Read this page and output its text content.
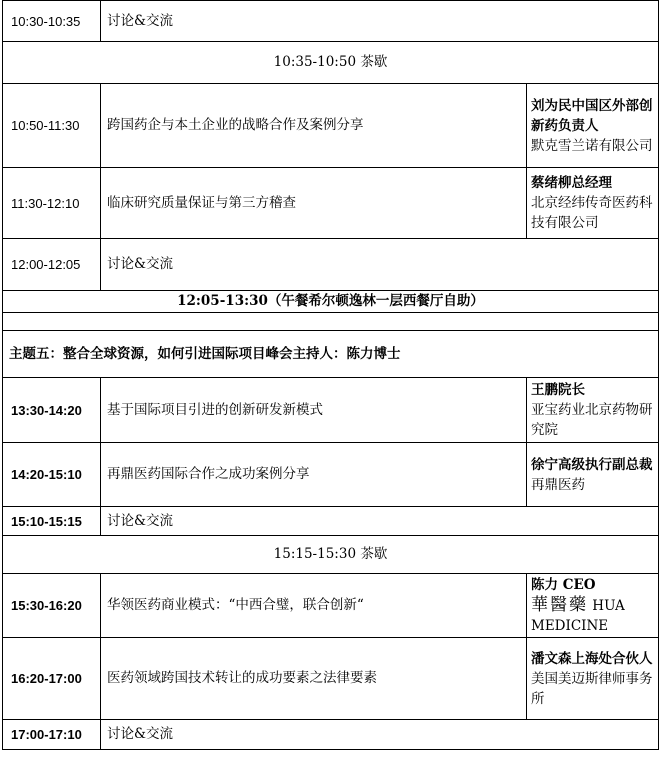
10:30-10:35	讨论&交流	
10:35-10:50 茶歇		
10:50-11:30	跨国药企与本土企业的战略合作及案例分享	刘为民中国区外部创新药负责人
默克雪兰诺有限公司

11:30-12:10	临床研究质量保证与第三方稽查	蔡绪柳总经理
北京经纬传奇医药科技有限公司

12:00-12:05	讨论&交流	
12:05-13:30（午餐希尔顿逸林一层西餐厅自助）		

主题五：整合全球资源，如何引进国际项目峰会主持人：陈力博士		
13:30-14:20	基于国际项目引进的创新研发新模式	王鹏院长
亚宝药业北京药物研究院

14:20-15:10	再鼎医药国际合作之成功案例分享	徐宁高级执行副总裁
再鼎医药

15:10-15:15	讨论&交流	
15:15-15:30 茶歇		
15:30-16:20	华领医药商业模式：“中西合璧，联合创新“	陈力 CEO
華醫藥 HUA MEDICINE

16:20-17:00	医药领域跨国技术转让的成功要素之法律要素	潘文森上海处合伙人
美国美迈斯律师事务所

17:00-17:10	讨论&交流	
